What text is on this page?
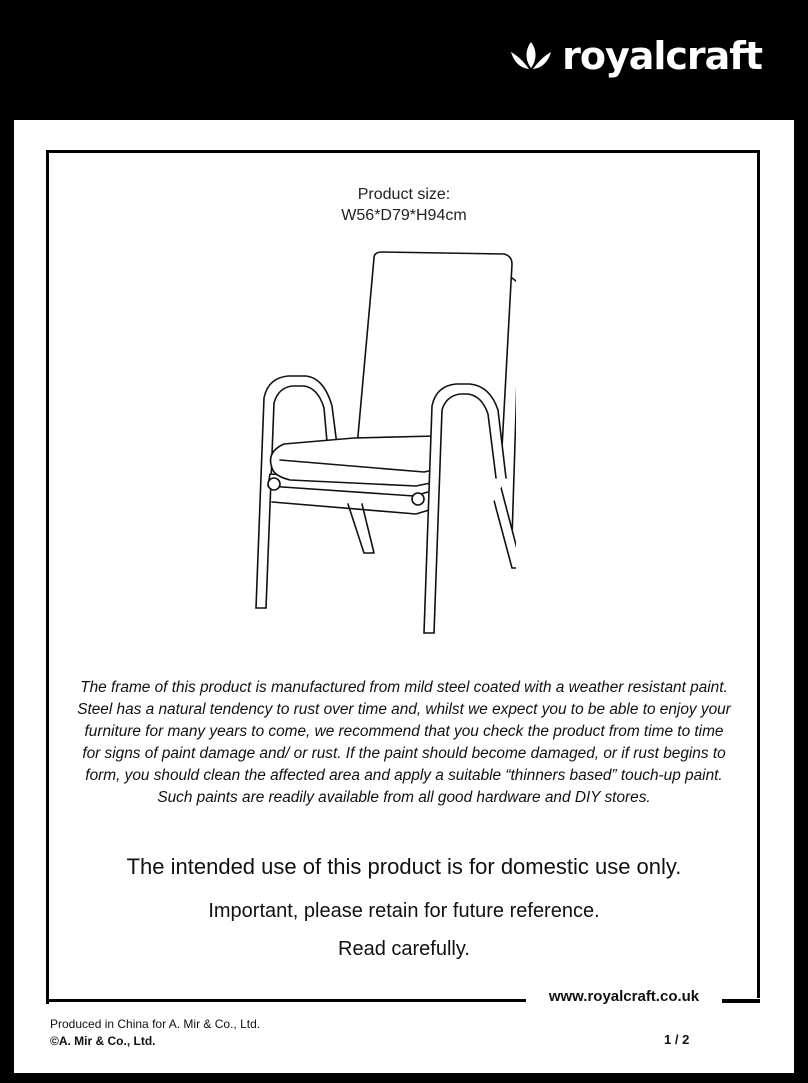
royalcraft
Product size:
W56*D79*H94cm
The frame of this product is manufactured from mild steel coated with a weather resistant paint. Steel has a natural tendency to rust over time and, whilst we expect you to be able to enjoy your furniture for many years to come, we recommend that you check the product from time to time for signs of paint damage and/ or rust. If the paint should become damaged, or if rust begins to form, you should clean the affected area and apply a suitable “thinners based” touch-up paint. Such paints are readily available from all good hardware and DIY stores.
The intended use of this product is for domestic use only.
Important, please retain for future reference.
Read carefully.
www.royalcraft.co.uk
Produced in China for A. Mir & Co., Ltd.
©A. Mir & Co., Ltd.	1 / 2
